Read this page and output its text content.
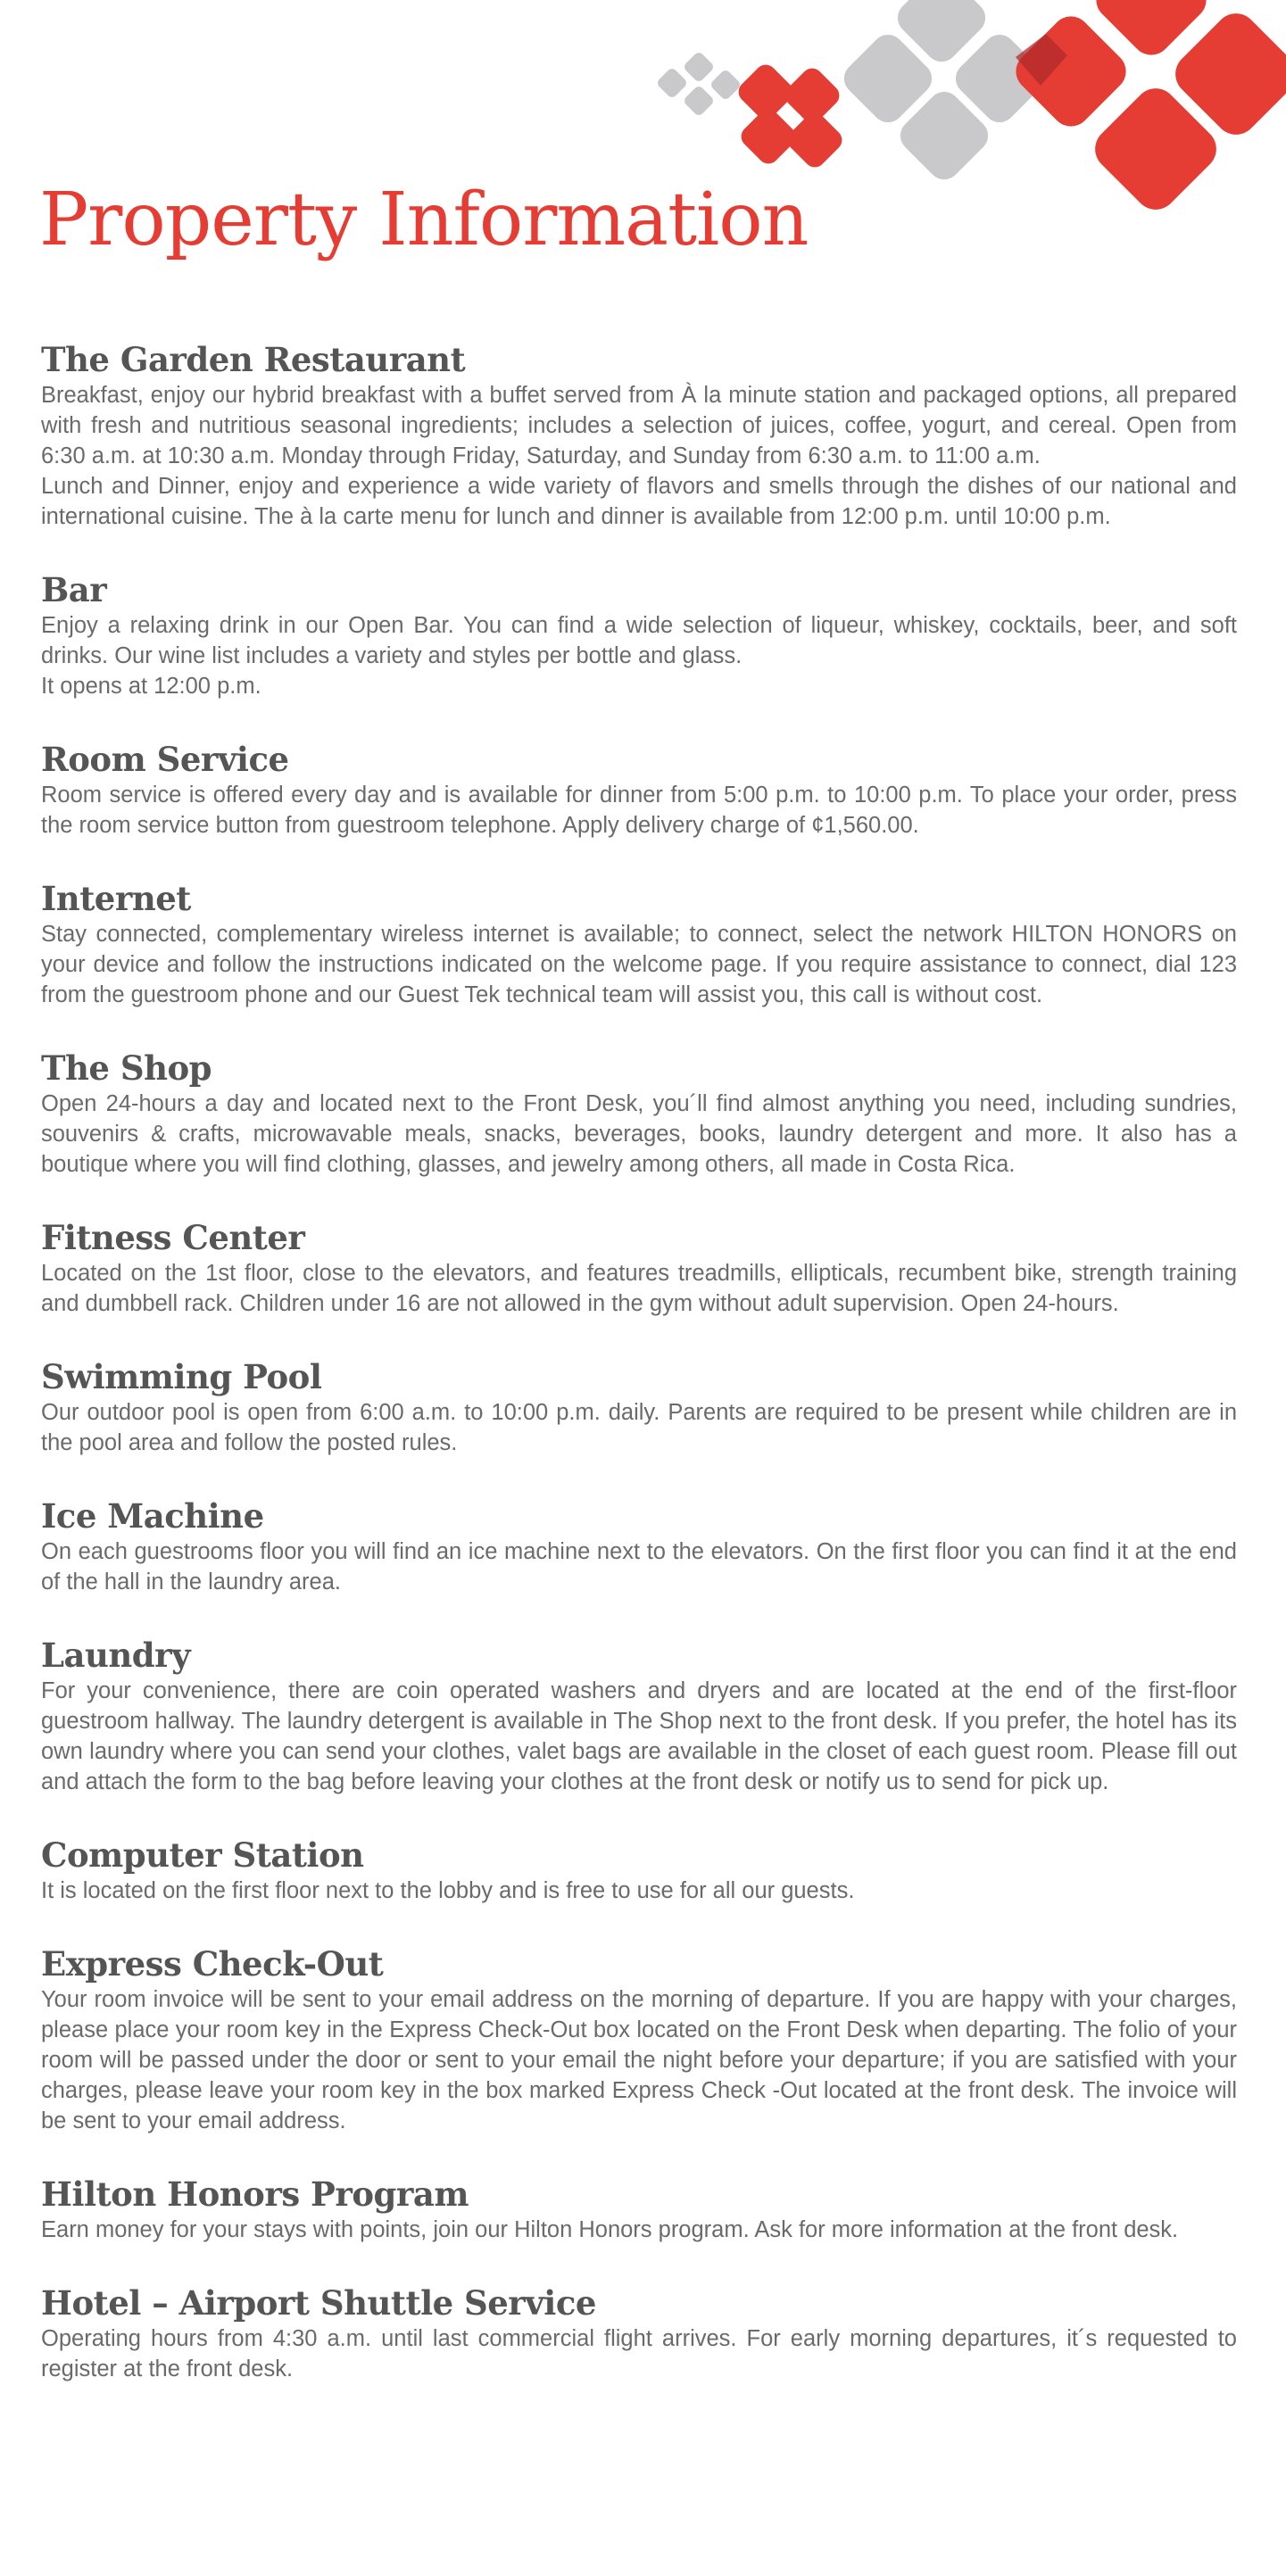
Property Information
The Garden Restaurant

Breakfast, enjoy our hybrid breakfast with a buffet served from À la minute station and packaged options, all prepared with fresh and nutritious seasonal ingredients; includes a selection of juices, coffee, yogurt, and cereal. Open from 6:30 a.m. at 10:30 a.m. Monday through Friday, Saturday, and Sunday from 6:30 a.m. to 11:00 a.m.

Lunch and Dinner, enjoy and experience a wide variety of flavors and smells through the dishes of our national and international cuisine. The à la carte menu for lunch and dinner is available from 12:00 p.m. until 10:00 p.m.

Bar

Enjoy a relaxing drink in our Open Bar. You can find a wide selection of liqueur, whiskey, cocktails, beer, and soft drinks. Our wine list includes a variety and styles per bottle and glass.

It opens at 12:00 p.m.

Room Service

Room service is offered every day and is available for dinner from 5:00 p.m. to 10:00 p.m. To place your order, press the room service button from guestroom telephone. Apply delivery charge of ¢1,560.00.

Internet

Stay connected, complementary wireless internet is available; to connect, select the network HILTON HONORS on your device and follow the instructions indicated on the welcome page. If you require assistance to connect, dial 123 from the guestroom phone and our Guest Tek technical team will assist you, this call is without cost.

The Shop

Open 24-hours a day and located next to the Front Desk, you´ll find almost anything you need, including sundries, souvenirs & crafts, microwavable meals, snacks, beverages, books, laundry detergent and more. It also has a boutique where you will find clothing, glasses, and jewelry among others, all made in Costa Rica.

Fitness Center

Located on the 1st floor, close to the elevators, and features treadmills, ellipticals, recumbent bike, strength training and dumbbell rack. Children under 16 are not allowed in the gym without adult supervision. Open 24-hours.

Swimming Pool

Our outdoor pool is open from 6:00 a.m. to 10:00 p.m. daily. Parents are required to be present while children are in the pool area and follow the posted rules.

Ice Machine

On each guestrooms floor you will find an ice machine next to the elevators. On the first floor you can find it at the end of the hall in the laundry area.

Laundry

For your convenience, there are coin operated washers and dryers and are located at the end of the first-floor guestroom hallway. The laundry detergent is available in The Shop next to the front desk. If you prefer, the hotel has its own laundry where you can send your clothes, valet bags are available in the closet of each guest room. Please fill out and attach the form to the bag before leaving your clothes at the front desk or notify us to send for pick up.

Computer Station

It is located on the first floor next to the lobby and is free to use for all our guests.

Express Check-Out

Your room invoice will be sent to your email address on the morning of departure. If you are happy with your charges, please place your room key in the Express Check-Out box located on the Front Desk when departing. The folio of your room will be passed under the door or sent to your email the night before your departure; if you are satisfied with your charges, please leave your room key in the box marked Express Check -Out located at the front desk. The invoice will be sent to your email address.

Hilton Honors Program

Earn money for your stays with points, join our Hilton Honors program. Ask for more information at the front desk.

Hotel – Airport Shuttle Service

Operating hours from 4:30 a.m. until last commercial flight arrives. For early morning departures, it´s requested to register at the front desk.
